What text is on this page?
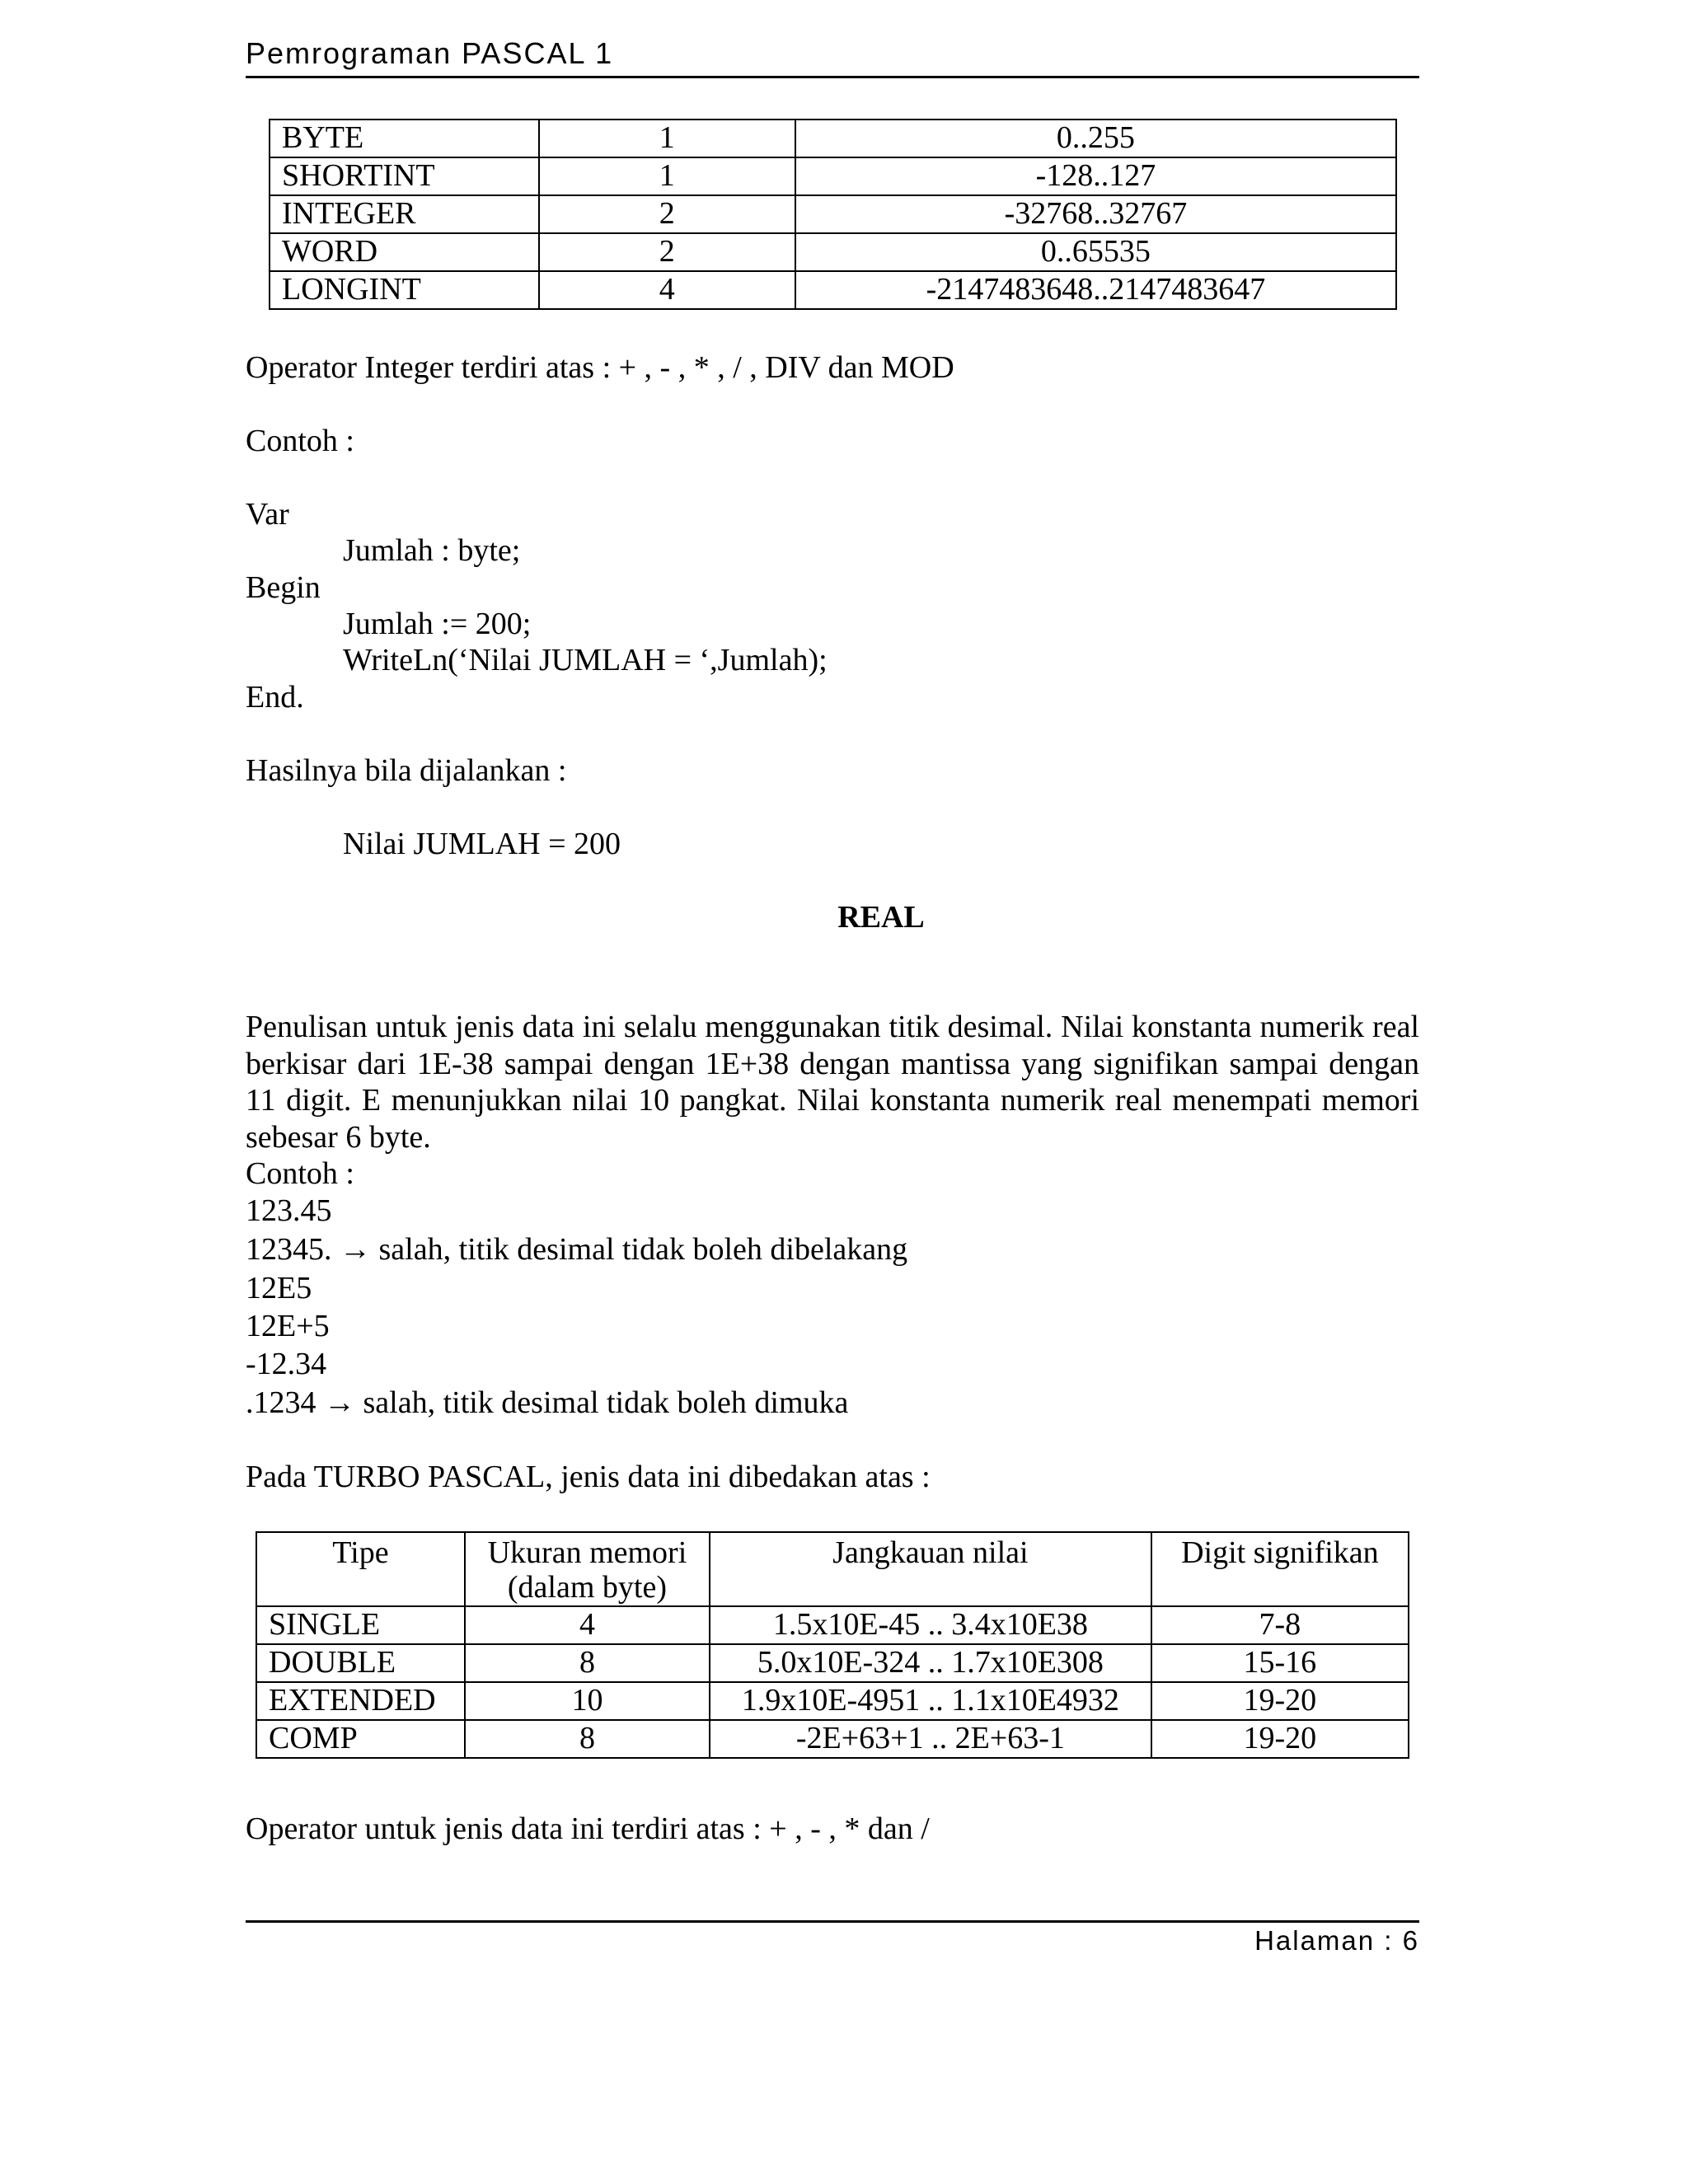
Pemrograman PASCAL 1
BYTE	1	0..255
SHORTINT	1	-128..127
INTEGER	2	-32768..32767
WORD	2	0..65535
LONGINT	4	-2147483648..2147483647
Operator Integer terdiri atas : + , - , * , / , DIV dan MOD
Contoh :
Var
Jumlah : byte;
Begin
Jumlah := 200;
WriteLn(‘Nilai JUMLAH = ‘,Jumlah);
End.
Hasilnya bila dijalankan :
Nilai JUMLAH = 200
REAL
Penulisan untuk jenis data ini selalu menggunakan titik desimal. Nilai konstanta numerik real berkisar dari 1E-38 sampai dengan 1E+38 dengan mantissa yang signifikan sampai dengan 11 digit. E menunjukkan nilai 10 pangkat. Nilai konstanta numerik real menempati memori sebesar 6 byte.
Contoh :
123.45
12345. → salah, titik desimal tidak boleh dibelakang
12E5
12E+5
-12.34
.1234 → salah, titik desimal tidak boleh dimuka
Pada TURBO PASCAL, jenis data ini dibedakan atas :
Tipe	Ukuran memori (dalam byte)	Jangkauan nilai	Digit signifikan
SINGLE	4	1.5x10E-45 .. 3.4x10E38	7-8
DOUBLE	8	5.0x10E-324 .. 1.7x10E308	15-16
EXTENDED	10	1.9x10E-4951 .. 1.1x10E4932	19-20
COMP	8	-2E+63+1 .. 2E+63-1	19-20
Operator untuk jenis data ini terdiri atas : + , - , * dan /
Halaman : 6
